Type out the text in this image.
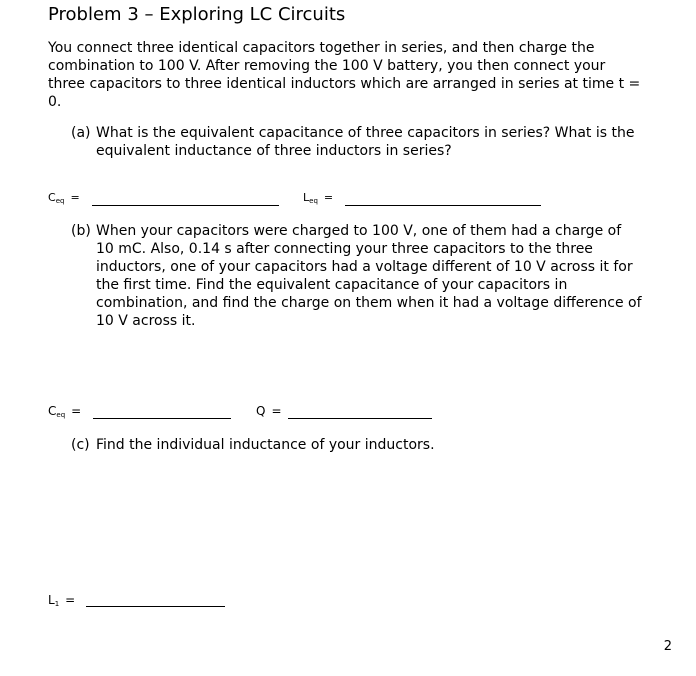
Problem 3 – Exploring LC Circuits
You connect three identical capacitors together in series, and then charge the
combination to 100 V. After removing the 100 V battery, you then connect your
three capacitors to three identical inductors which are arranged in series at time t =
0.
(a) What is the equivalent capacitance of three capacitors in series? What is the
equivalent inductance of three inductors in series?
$C_{eq}$ =	$L_{eq}$ =
(b) When your capacitors were charged to 100 V, one of them had a charge of
10 mC. Also, 0.14 s after connecting your three capacitors to the three
inductors, one of your capacitors had a voltage different of 10 V across it for
the first time. Find the equivalent capacitance of your capacitors in
combination, and find the charge on them when it had a voltage difference of
10 V across it.
$C_{eq}$ =	Q =
(c) Find the individual inductance of your inductors.
$L_1$ =
2
